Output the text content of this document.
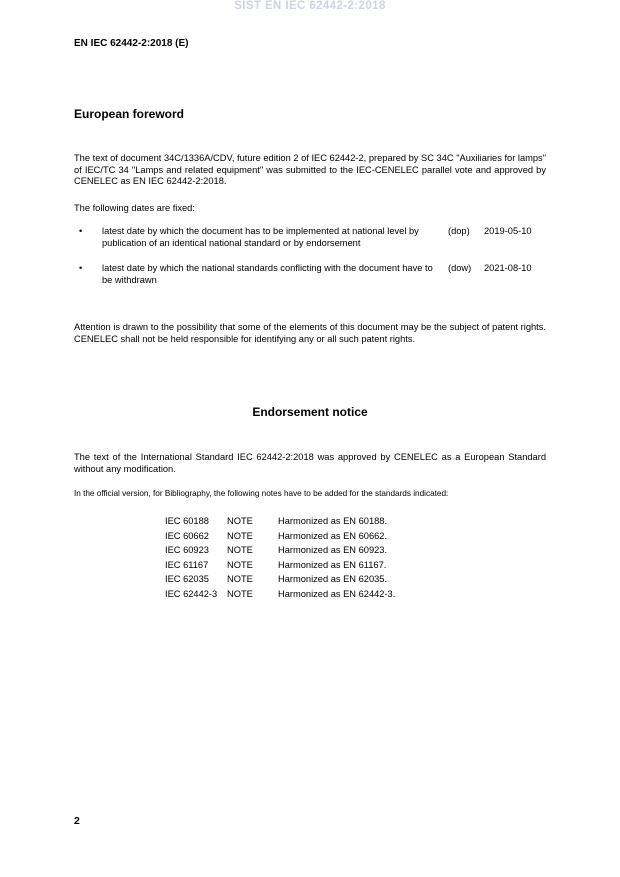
SIST EN IEC 62442-2:2018
EN IEC 62442-2:2018 (E)
European foreword
The text of document 34C/1336A/CDV, future edition 2 of IEC 62442-2, prepared by SC 34C "Auxiliaries for lamps" of IEC/TC 34 "Lamps and related equipment" was submitted to the IEC-CENELEC parallel vote and approved by CENELEC as EN IEC 62442-2:2018.
The following dates are fixed:
• latest date by which the document has to be implemented at national level by publication of an identical national standard or by endorsement
(dop) 2019-05-10
• latest date by which the national standards conflicting with the document have to be withdrawn
(dow) 2021-08-10
Attention is drawn to the possibility that some of the elements of this document may be the subject of patent rights. CENELEC shall not be held responsible for identifying any or all such patent rights.
Endorsement notice
The text of the International Standard IEC 62442-2:2018 was approved by CENELEC as a European Standard without any modification.
In the official version, for Bibliography, the following notes have to be added for the standards indicated:
IEC 60188 NOTE	Harmonized as EN 60188.
IEC 60662 NOTE	Harmonized as EN 60662.
IEC 60923 NOTE	Harmonized as EN 60923.
IEC 61167 NOTE	Harmonized as EN 61167.
IEC 62035 NOTE	Harmonized as EN 62035.
IEC 62442-3 NOTE	Harmonized as EN 62442-3.
2
